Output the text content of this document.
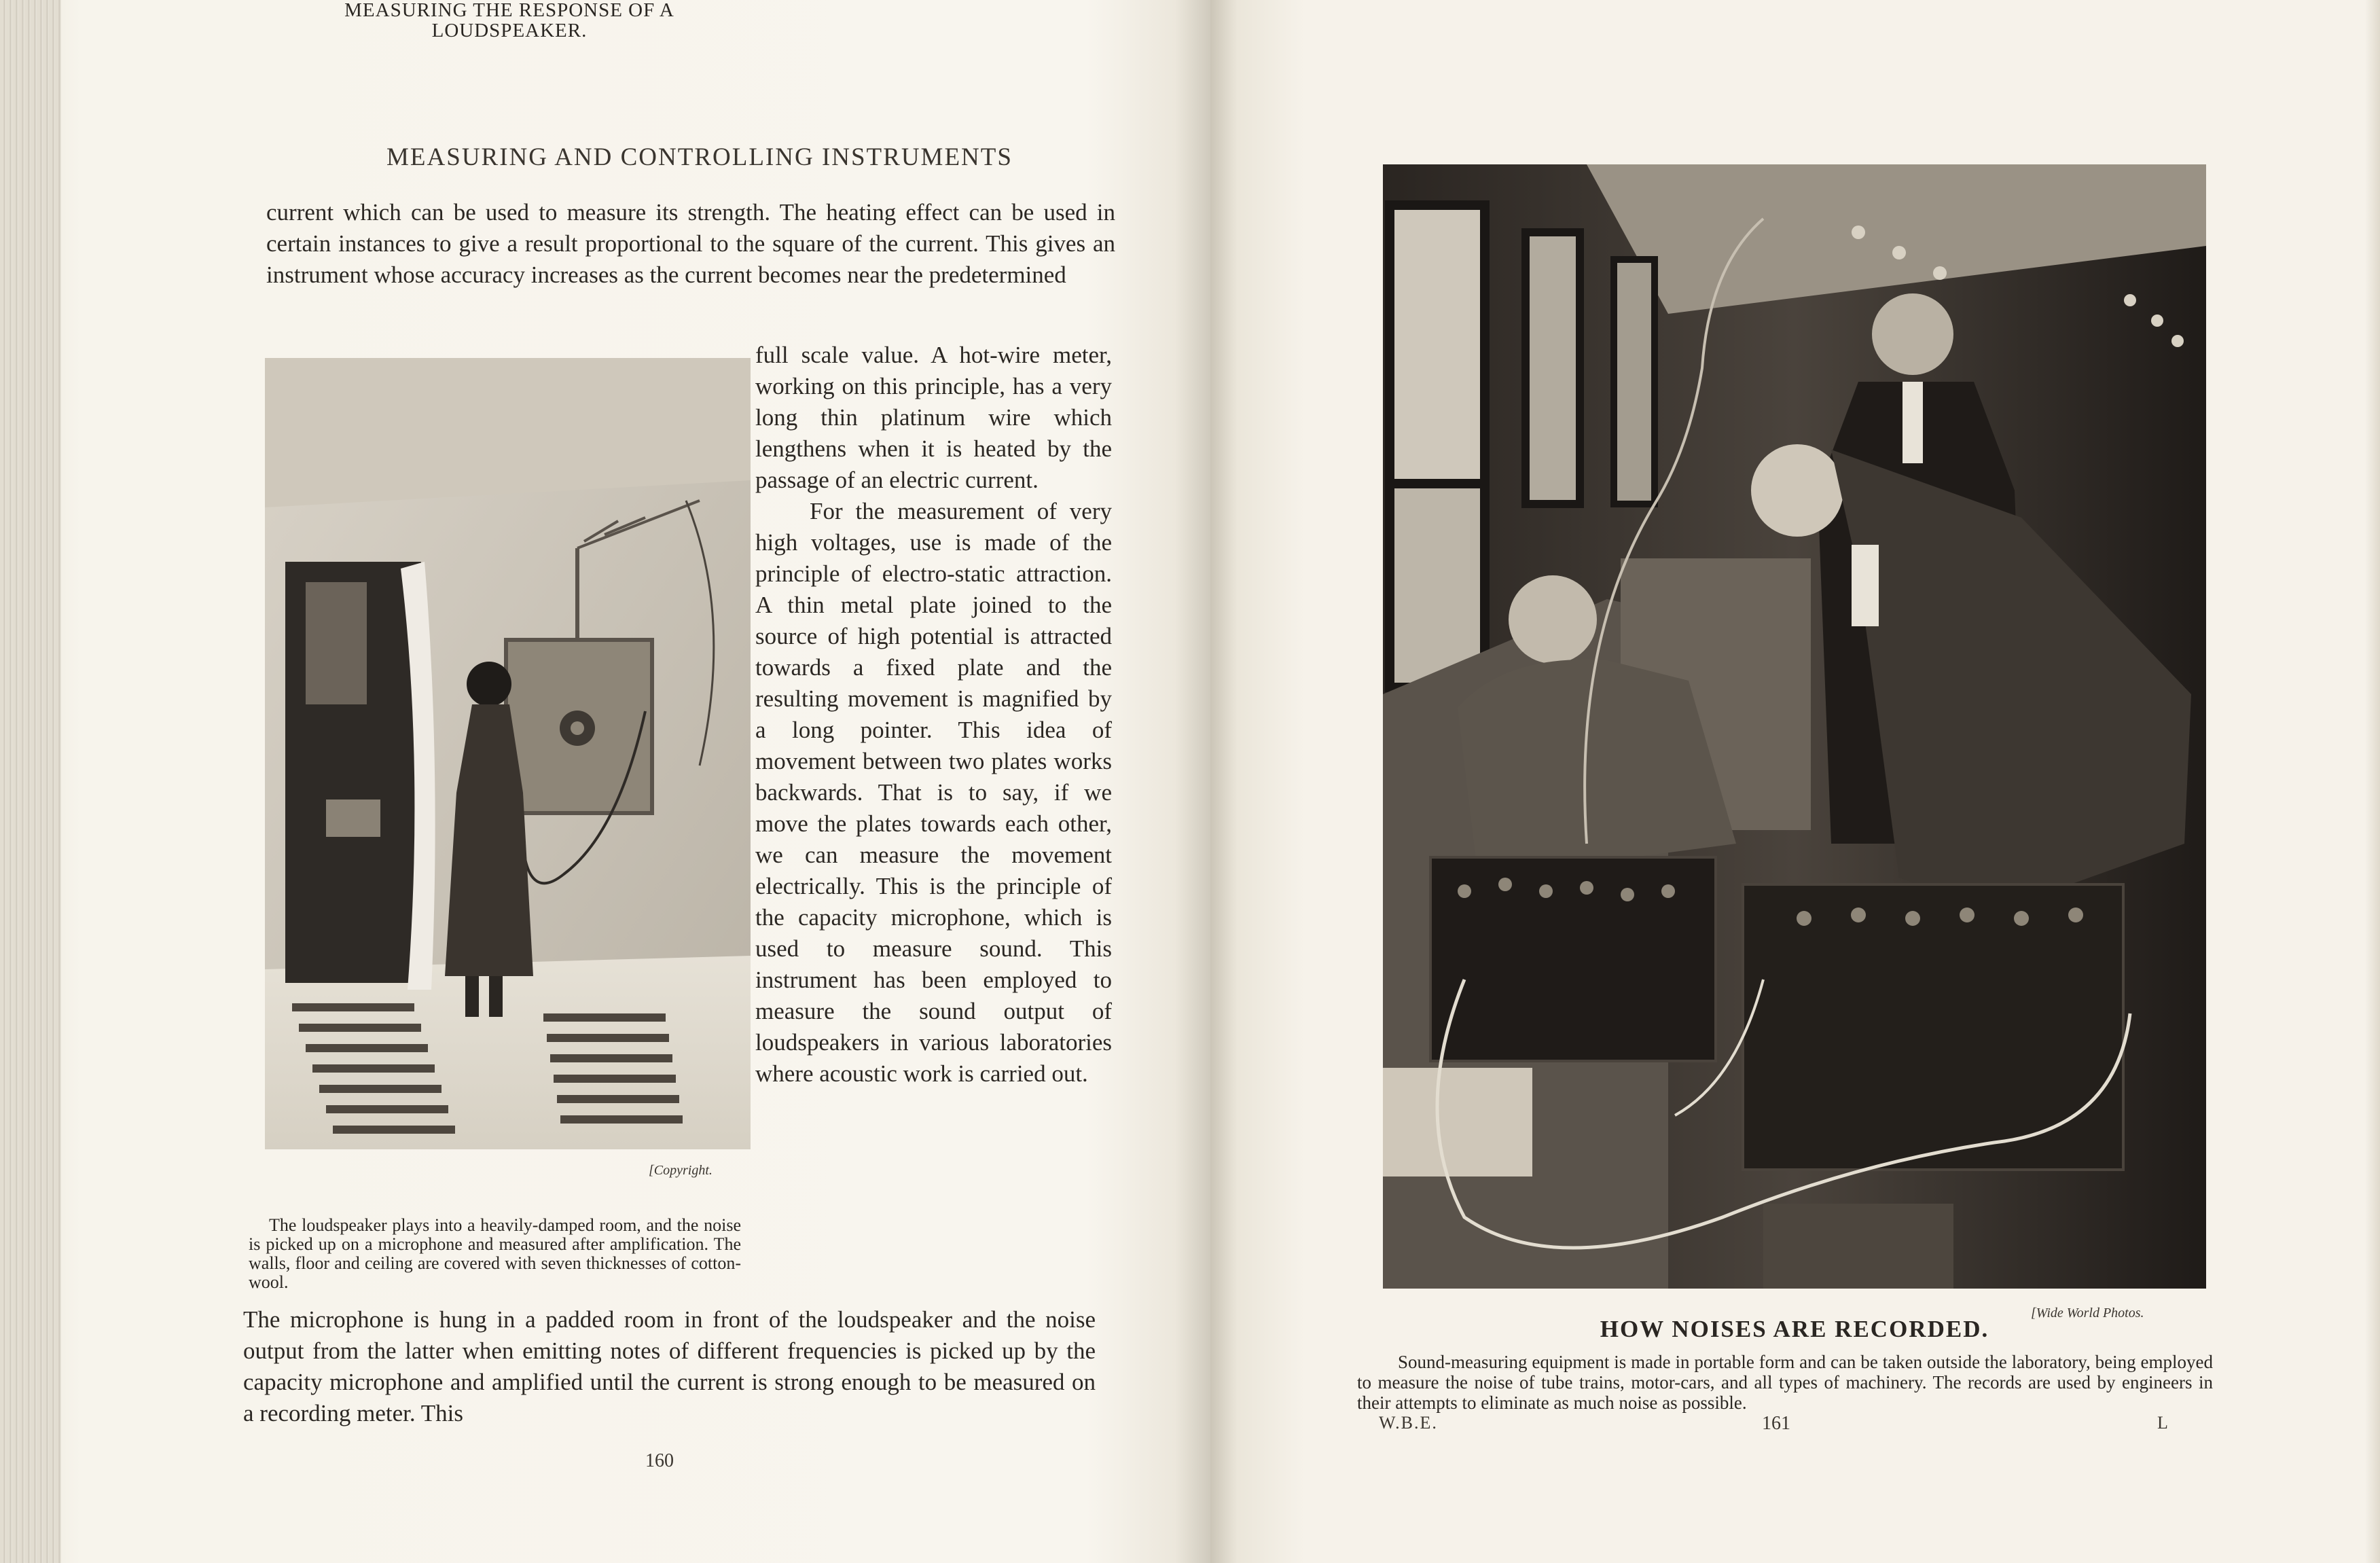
MEASURING AND CONTROLLING INSTRUMENTS

current which can be used to measure its strength. The heating effect can be used in certain instances to give a result proportional to the square of the current. This gives an instrument whose accuracy increases as the current becomes near the predetermined

[Copyright.
MEASURING THE RESPONSE OF A LOUDSPEAKER.
The loudspeaker plays into a heavily-damped room, and the noise is picked up on a microphone and measured after amplification. The walls, floor and ceiling are covered with seven thicknesses of cotton-wool.

full scale value. A hot-wire meter, working on this principle, has a very long thin platinum wire which lengthens when it is heated by the passage of an electric current.

For the measurement of very high voltages, use is made of the principle of electro-static attraction. A thin metal plate joined to the source of high potential is attracted towards a fixed plate and the resulting movement is magnified by a long pointer. This idea of movement between two plates works backwards. That is to say, if we move the plates towards each other, we can measure the movement electrically. This is the principle of the capacity microphone, which is used to measure sound. This instrument has been employed to measure the sound output of loudspeakers in various laboratories where acoustic work is carried out.

The microphone is hung in a padded room in front of the loudspeaker and the noise output from the latter when emitting notes of different frequencies is picked up by the capacity microphone and amplified until the current is strong enough to be measured on a recording meter. This

160
[Wide World Photos.
HOW NOISES ARE RECORDED.
Sound-measuring equipment is made in portable form and can be taken outside the laboratory, being employed to measure the noise of tube trains, motor-cars, and all types of machinery. The records are used by engineers in their attempts to eliminate as much noise as possible.
W.B.E.	161	L
